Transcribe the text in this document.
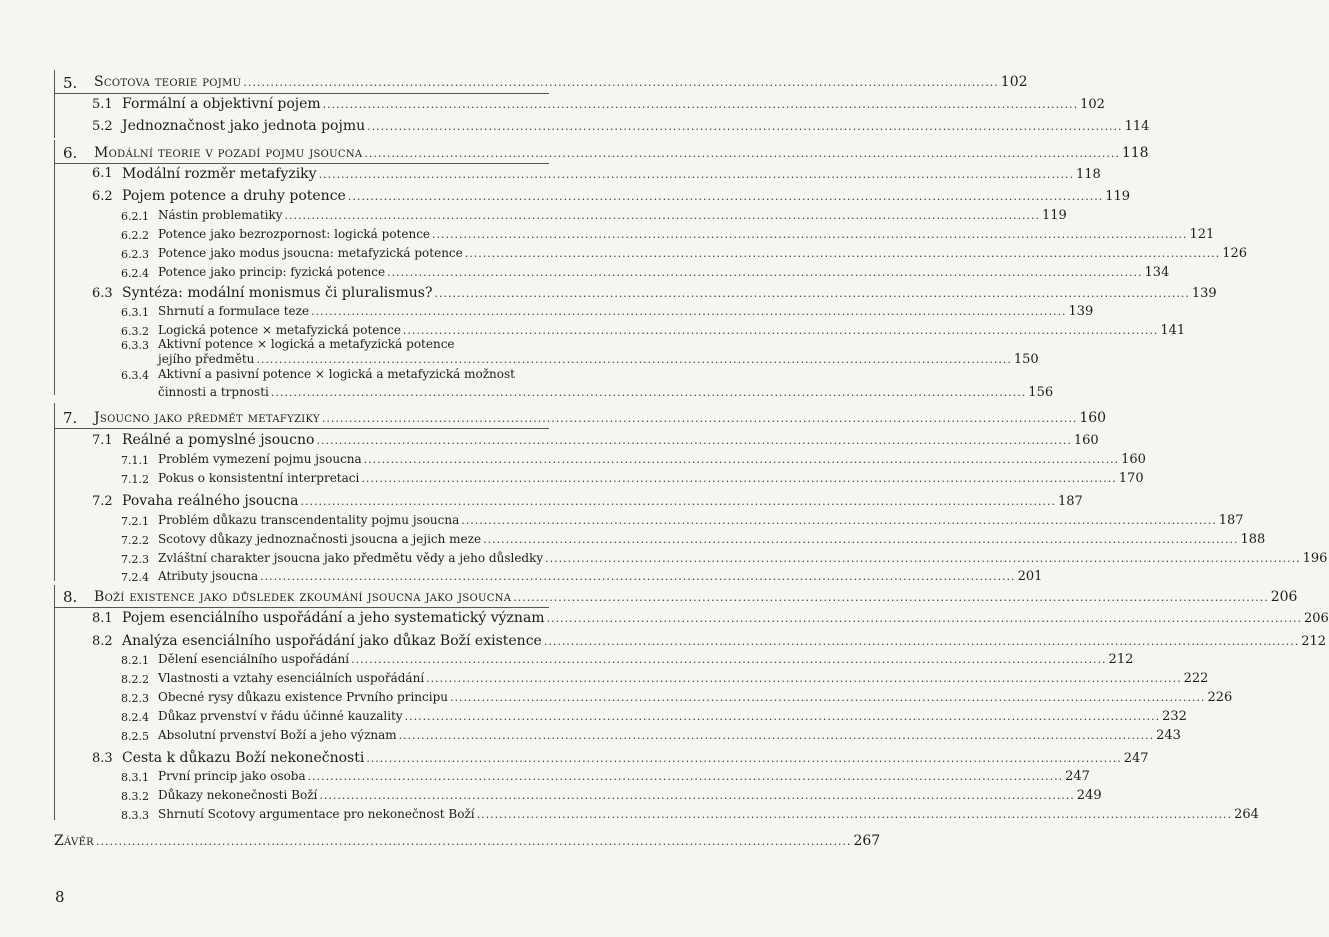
5. Scotova teorie pojmu .....	102
5.1 Formální a objektivní pojem .....	102
5.2 Jednoznačnost jako jednota pojmu .....	114
6. Modální teorie v pozadí pojmu jsoucna .....	118
6.1 Modální rozměr metafyziky .....	118
6.2 Pojem potence a druhy potence .....	119
6.2.1 Nástin problematiky .....	119
6.2.2 Potence jako bezrozpornost: logická potence .....	121
6.2.3 Potence jako modus jsoucna: metafyzická potence .....	126
6.2.4 Potence jako princip: fyzická potence .....	134
6.3 Syntéza: modální monismus či pluralismus? .....	139
6.3.1 Shrnutí a formulace teze .....	139
6.3.2 Logická potence × metafyzická potence .....	141
6.3.3 Aktivní potence × logická a metafyzická potence
jejího předmětu .....	150
6.3.4 Aktivní a pasivní potence × logická a metafyzická možnost
činnosti a trpnosti .....	156
7. Jsoucno jako předmět metafyziky .....	160
7.1 Reálné a pomyslné jsoucno .....	160
7.1.1 Problém vymezení pojmu jsoucna .....	160
7.1.2 Pokus o konsistentní interpretaci .....	170
7.2 Povaha reálného jsoucna .....	187
7.2.1 Problém důkazu transcendentality pojmu jsoucna .....	187
7.2.2 Scotovy důkazy jednoznačnosti jsoucna a jejich meze .....	188
7.2.3 Zvláštní charakter jsoucna jako předmětu vědy a jeho důsledky .....	196
7.2.4 Atributy jsoucna .....	201
8. Boží existence jako důsledek zkoumání jsoucna jako jsoucna .....	206
8.1 Pojem esenciálního uspořádání a jeho systematický význam .....	206
8.2 Analýza esenciálního uspořádání jako důkaz Boží existence .....	212
8.2.1 Dělení esenciálního uspořádání .....	212
8.2.2 Vlastnosti a vztahy esenciálních uspořádání .....	222
8.2.3 Obecné rysy důkazu existence Prvního principu .....	226
8.2.4 Důkaz prvenství v řádu účinné kauzality .....	232
8.2.5 Absolutní prvenství Boží a jeho význam .....	243
8.3 Cesta k důkazu Boží nekonečnosti .....	247
8.3.1 První princip jako osoba .....	247
8.3.2 Důkazy nekonečnosti Boží .....	249
8.3.3 Shrnutí Scotovy argumentace pro nekonečnost Boží .....	264
Závěr .....	267
8
